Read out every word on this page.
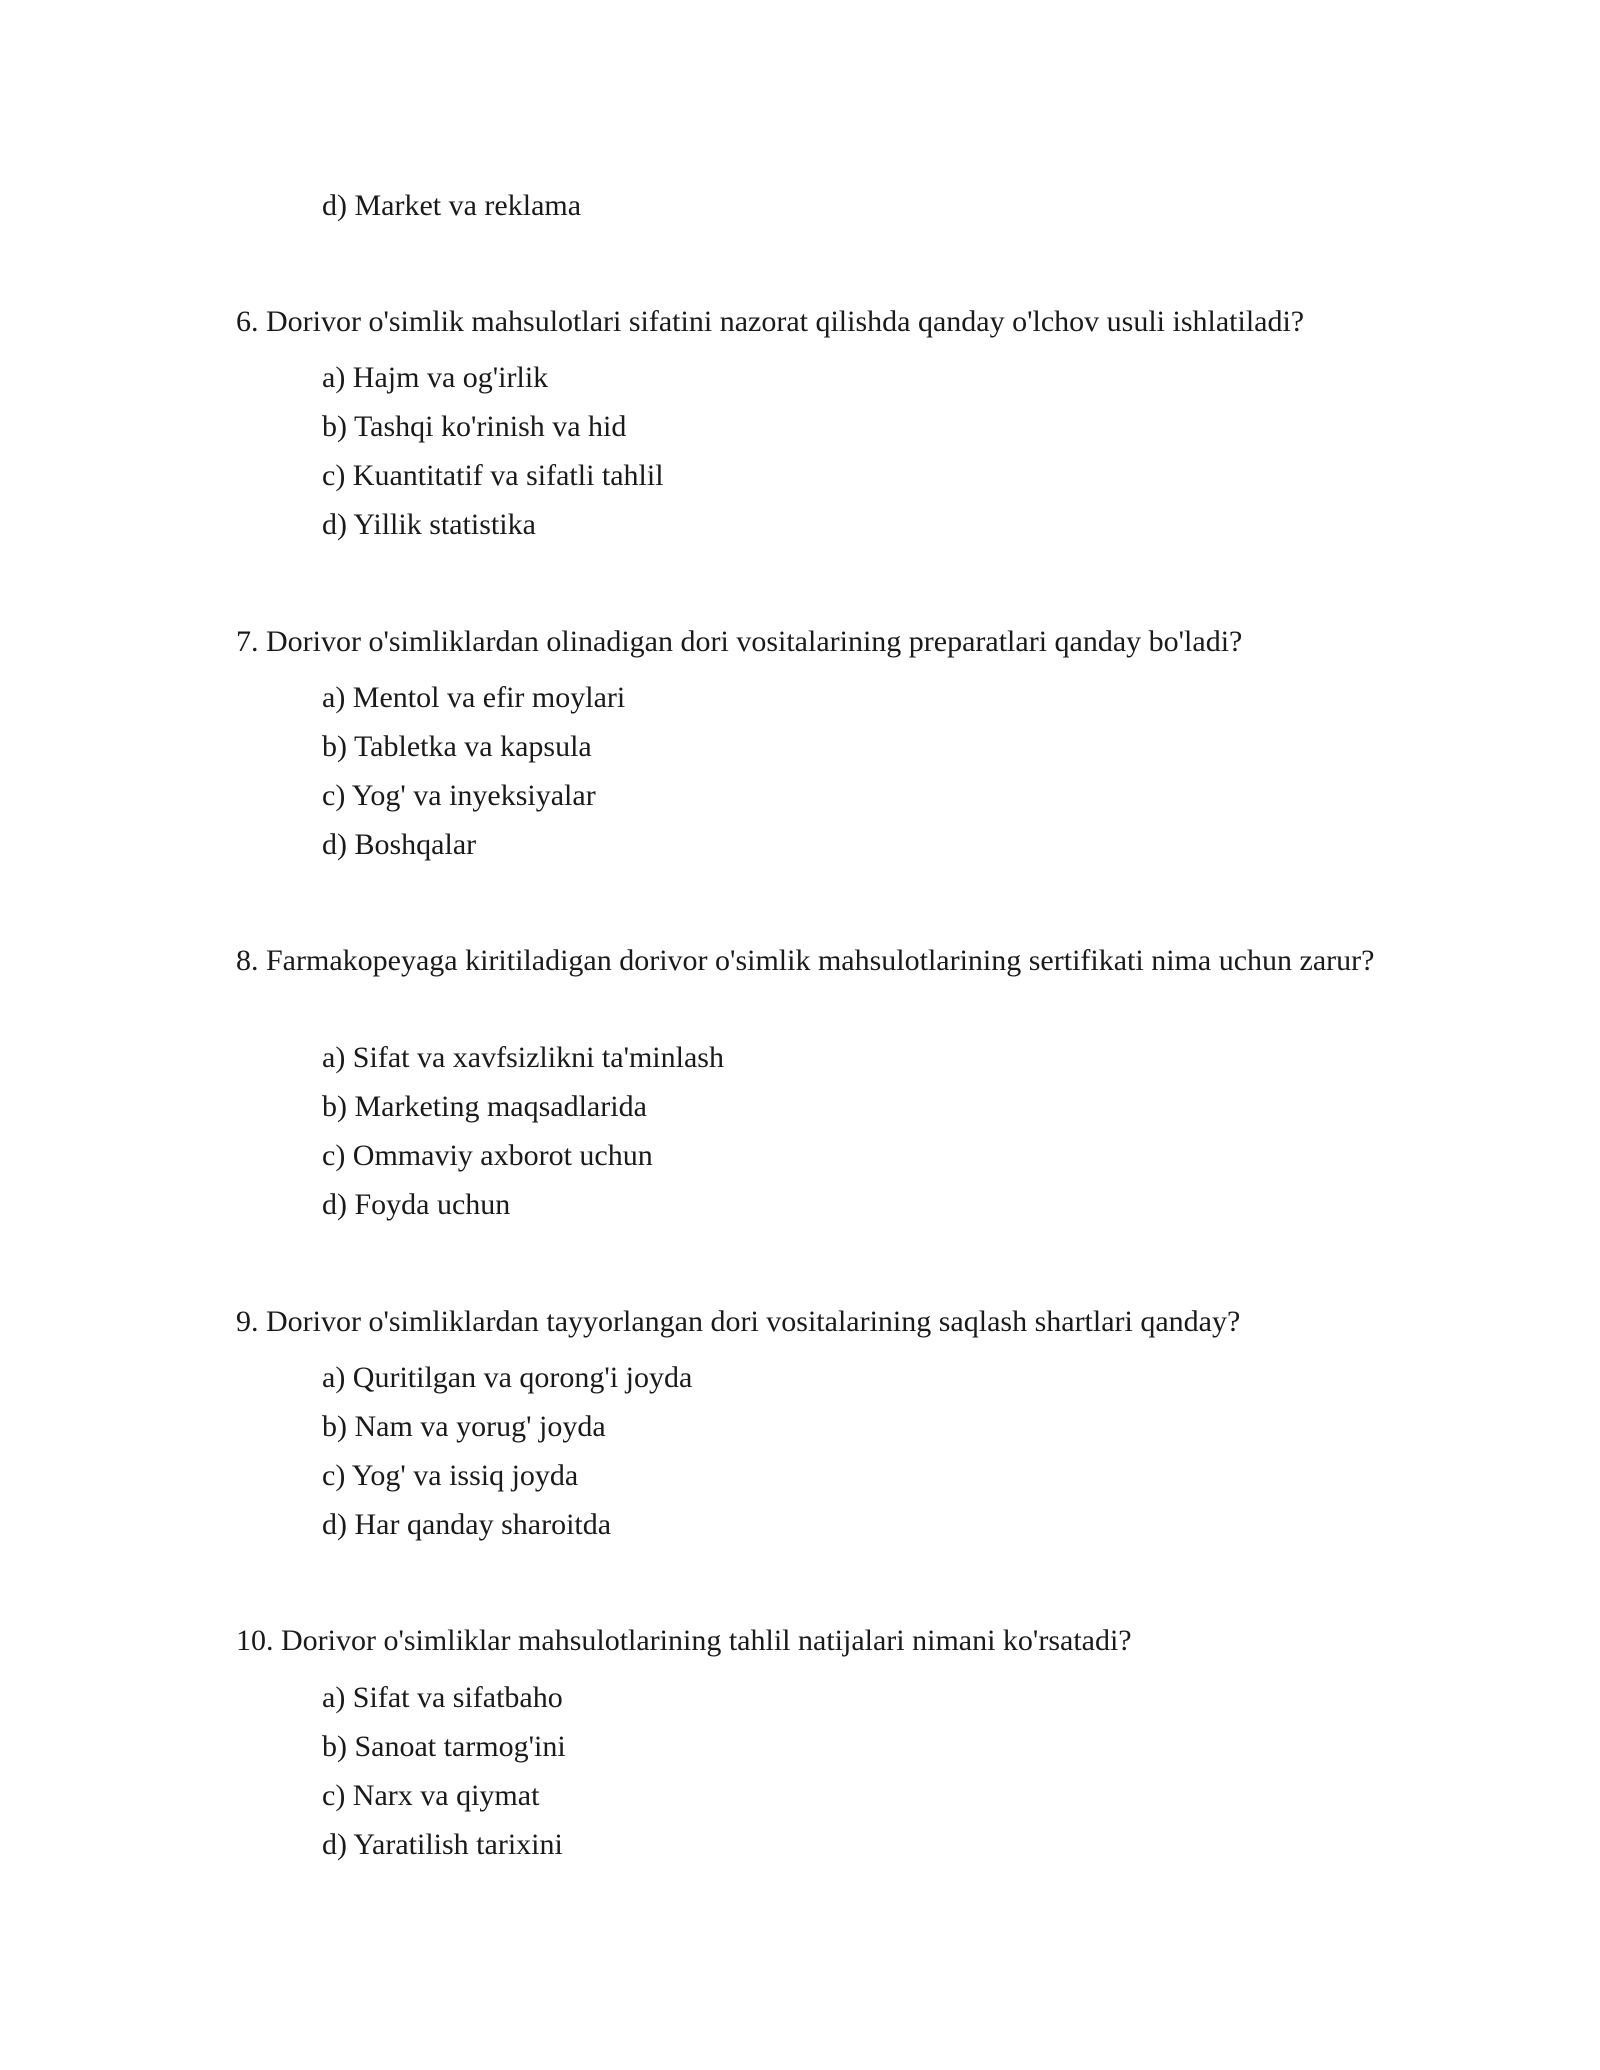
d) Market va reklama
6. Dorivor o'simlik mahsulotlari sifatini nazorat qilishda qanday o'lchov usuli ishlatiladi?
a) Hajm va og'irlik
b) Tashqi ko'rinish va hid
c) Kuantitatif va sifatli tahlil
d) Yillik statistika
7. Dorivor o'simliklardan olinadigan dori vositalarining preparatlari qanday bo'ladi?
a) Mentol va efir moylari
b) Tabletka va kapsula
c) Yog' va inyeksiyalar
d) Boshqalar
8. Farmakopeyaga kiritiladigan dorivor o'simlik mahsulotlarining sertifikati nima uchun zarur?
a) Sifat va xavfsizlikni ta'minlash
b) Marketing maqsadlarida
c) Ommaviy axborot uchun
d) Foyda uchun
9. Dorivor o'simliklardan tayyorlangan dori vositalarining saqlash shartlari qanday?
a) Quritilgan va qorong'i joyda
b) Nam va yorug' joyda
c) Yog' va issiq joyda
d) Har qanday sharoitda
10. Dorivor o'simliklar mahsulotlarining tahlil natijalari nimani ko'rsatadi?
a) Sifat va sifatbaho
b) Sanoat tarmog'ini
c) Narx va qiymat
d) Yaratilish tarixini
